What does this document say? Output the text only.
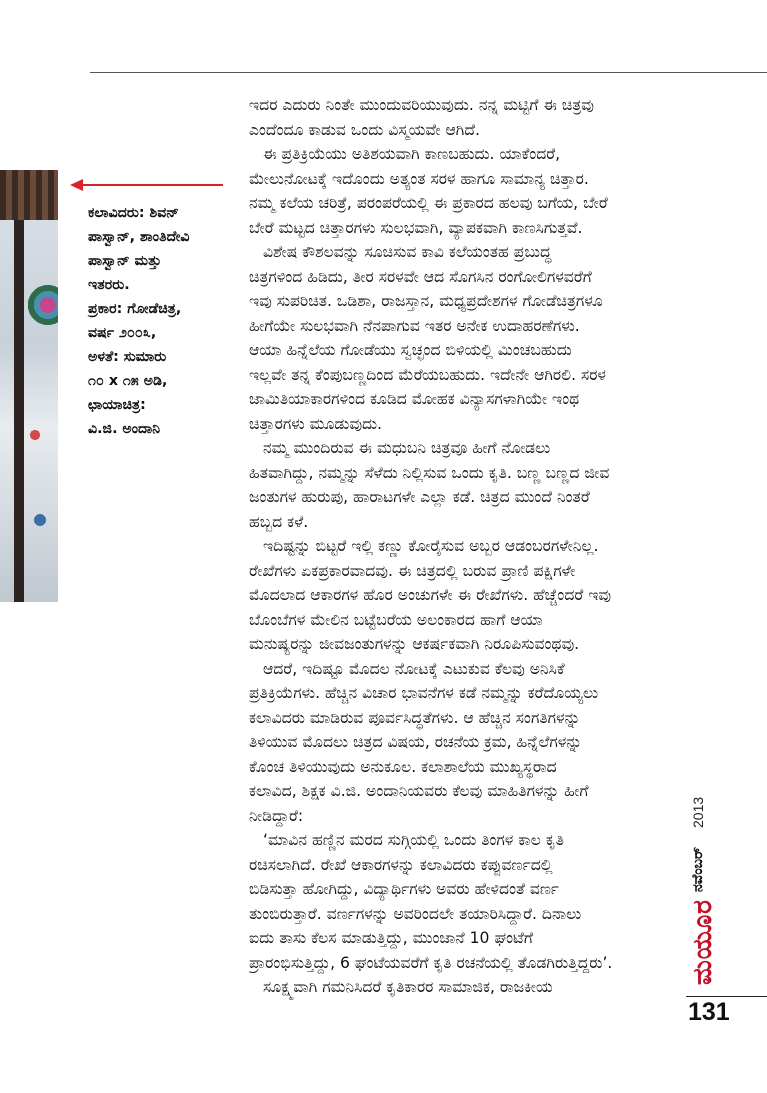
ಕಲಾವಿದರು: ಶಿವನ್
ಪಾಸ್ವಾನ್, ಶಾಂತಿದೇವಿ
ಪಾಸ್ವಾನ್ ಮತ್ತು
ಇತರರು.
ಪ್ರಕಾರ: ಗೋಡೆಚಿತ್ರ,
ವರ್ಷ ೨೦೦೩,
ಅಳತೆ: ಸುಮಾರು
೧೦ x ೧೫ ಅಡಿ,
ಛಾಯಾಚಿತ್ರ:
ವಿ.ಜಿ. ಅಂದಾನಿ
ಇದರ ಎದುರು ನಿಂತೇ ಮುಂದುವರಿಯುವುದು. ನನ್ನ ಮಟ್ಟಿಗೆ ಈ ಚಿತ್ರವು
ಎಂದೆಂದೂ ಕಾಡುವ ಒಂದು ವಿಸ್ಮಯವೇ ಆಗಿದೆ.
ಈ ಪ್ರತಿಕ್ರಿಯೆಯು ಅತಿಶಯವಾಗಿ ಕಾಣಬಹುದು. ಯಾಕೆಂದರೆ,
ಮೇಲುನೋಟಕ್ಕೆ ಇದೊಂದು ಅತ್ಯಂತ ಸರಳ ಹಾಗೂ ಸಾಮಾನ್ಯ ಚಿತ್ತಾರ.
ನಮ್ಮ ಕಲೆಯ ಚರಿತ್ರೆ, ಪರಂಪರೆಯಲ್ಲಿ ಈ ಪ್ರಕಾರದ ಹಲವು ಬಗೆಯ, ಬೇರೆ
ಬೇರೆ ಮಟ್ಟದ ಚಿತ್ತಾರಗಳು ಸುಲಭವಾಗಿ, ವ್ಯಾಪಕವಾಗಿ ಕಾಣಸಿಗುತ್ತವೆ.
ವಿಶೇಷ ಕೌಶಲವನ್ನು ಸೂಚಿಸುವ ಕಾವಿ ಕಲೆಯಂತಹ ಪ್ರಬುದ್ಧ
ಚಿತ್ರಗಳಿಂದ ಹಿಡಿದು, ತೀರ ಸರಳವೇ ಆದ ಸೊಗಸಿನ ರಂಗೋಲಿಗಳವರೆಗೆ
ಇವು ಸುಪರಿಚಿತ. ಒಡಿಶಾ, ರಾಜಸ್ತಾನ, ಮಧ್ಯಪ್ರದೇಶಗಳ ಗೋಡೆಚಿತ್ರಗಳೂ
ಹೀಗೆಯೇ ಸುಲಭವಾಗಿ ನೆನಪಾಗುವ ಇತರ ಅನೇಕ ಉದಾಹರಣೆಗಳು.
ಆಯಾ ಹಿನ್ನೆಲೆಯ ಗೋಡೆಯು ಸ್ವಚ್ಛಂದ ಬಿಳಿಯಲ್ಲಿ ಮಿಂಚಬಹುದು
ಇಲ್ಲವೇ ತನ್ನ ಕೆಂಪುಬಣ್ಣದಿಂದ ಮೆರೆಯಬಹುದು. ಇದೇನೇ ಆಗಿರಲಿ. ಸರಳ
ಜಾಮಿತಿಯಾಕಾರಗಳಿಂದ ಕೂಡಿದ ಮೋಹಕ ವಿನ್ಯಾಸಗಳಾಗಿಯೇ ಇಂಥ
ಚಿತ್ತಾರಗಳು ಮೂಡುವುದು.
ನಮ್ಮ ಮುಂದಿರುವ ಈ ಮಧುಬನಿ ಚಿತ್ರವೂ ಹೀಗೆ ನೋಡಲು
ಹಿತವಾಗಿದ್ದು, ನಮ್ಮನ್ನು ಸೆಳೆದು ನಿಲ್ಲಿಸುವ ಒಂದು ಕೃತಿ. ಬಣ್ಣ ಬಣ್ಣದ ಜೀವ
ಜಂತುಗಳ ಹುರುಪು, ಹಾರಾಟಗಳೇ ಎಲ್ಲಾ ಕಡೆ. ಚಿತ್ರದ ಮುಂದೆ ನಿಂತರೆ
ಹಬ್ಬದ ಕಳೆ.
ಇದಿಷ್ಟನ್ನು ಬಿಟ್ಟರೆ ಇಲ್ಲಿ ಕಣ್ಣು ಕೋರೈಸುವ ಅಬ್ಬರ ಆಡಂಬರಗಳೇನಿಲ್ಲ.
ರೇಖೆಗಳು ಏಕಪ್ರಕಾರವಾದವು. ಈ ಚಿತ್ರದಲ್ಲಿ ಬರುವ ಪ್ರಾಣಿ ಪಕ್ಷಿಗಳೇ
ಮೊದಲಾದ ಆಕಾರಗಳ ಹೊರ ಅಂಚುಗಳೇ ಈ ರೇಖೆಗಳು. ಹೆಚ್ಚೆಂದರೆ ಇವು
ಬೊಂಬೆಗಳ ಮೇಲಿನ ಬಟ್ಟೆಬರೆಯ ಅಲಂಕಾರದ ಹಾಗೆ ಆಯಾ
ಮನುಷ್ಯರನ್ನು ಜೀವಜಂತುಗಳನ್ನು ಆಕರ್ಷಕವಾಗಿ ನಿರೂಪಿಸುವಂಥವು.
ಆದರೆ, ಇದಿಷ್ಟೂ ಮೊದಲ ನೋಟಕ್ಕೆ ಎಟುಕುವ ಕೆಲವು ಅನಿಸಿಕೆ
ಪ್ರತಿಕ್ರಿಯೆಗಳು. ಹೆಚ್ಚಿನ ವಿಚಾರ ಭಾವನೆಗಳ ಕಡೆ ನಮ್ಮನ್ನು ಕರೆದೊಯ್ಯಲು
ಕಲಾವಿದರು ಮಾಡಿರುವ ಪೂರ್ವಸಿದ್ಧತೆಗಳು. ಆ ಹೆಚ್ಚಿನ ಸಂಗತಿಗಳನ್ನು
ತಿಳಿಯುವ ಮೊದಲು ಚಿತ್ರದ ವಿಷಯ, ರಚನೆಯ ಕ್ರಮ, ಹಿನ್ನೆಲೆಗಳನ್ನು
ಕೊಂಚ ತಿಳಿಯುವುದು ಅನುಕೂಲ. ಕಲಾಶಾಲೆಯ ಮುಖ್ಯಸ್ಥರಾದ
ಕಲಾವಿದ, ಶಿಕ್ಷಕ ವಿ.ಜಿ. ಅಂದಾನಿಯವರು ಕೆಲವು ಮಾಹಿತಿಗಳನ್ನು ಹೀಗೆ
ನೀಡಿದ್ದಾರೆ:
‘ಮಾವಿನ ಹಣ್ಣಿನ ಮರದ ಸುಗ್ಗಿಯಲ್ಲಿ ಒಂದು ತಿಂಗಳ ಕಾಲ ಕೃತಿ
ರಚಿಸಲಾಗಿದೆ. ರೇಖೆ ಆಕಾರಗಳನ್ನು ಕಲಾವಿದರು ಕಪ್ಪುವರ್ಣದಲ್ಲಿ
ಬಿಡಿಸುತ್ತಾ ಹೋಗಿದ್ದು, ವಿದ್ಯಾರ್ಥಿಗಳು ಅವರು ಹೇಳಿದಂತೆ ವರ್ಣ
ತುಂಬಿರುತ್ತಾರೆ. ವರ್ಣಗಳನ್ನು ಅವರಿಂದಲೇ ತಯಾರಿಸಿದ್ದಾರೆ. ದಿನಾಲು
ಐದು ತಾಸು ಕೆಲಸ ಮಾಡುತ್ತಿದ್ದು, ಮುಂಜಾನೆ 10 ಘಂಟೆಗೆ
ಪ್ರಾರಂಭಿಸುತ್ತಿದ್ದು, 6 ಘಂಟೆಯವರೆಗೆ ಕೃತಿ ರಚನೆಯಲ್ಲಿ ತೊಡಗಿರುತ್ತಿದ್ದರು’.
ಸೂಕ್ಷ್ಮವಾಗಿ ಗಮನಿಸಿದರೆ ಕೃತಿಕಾರರ ಸಾಮಾಜಿಕ, ರಾಜಕೀಯ
2013
ನವೆಂಬರ್
ಮಯೂರ
131
